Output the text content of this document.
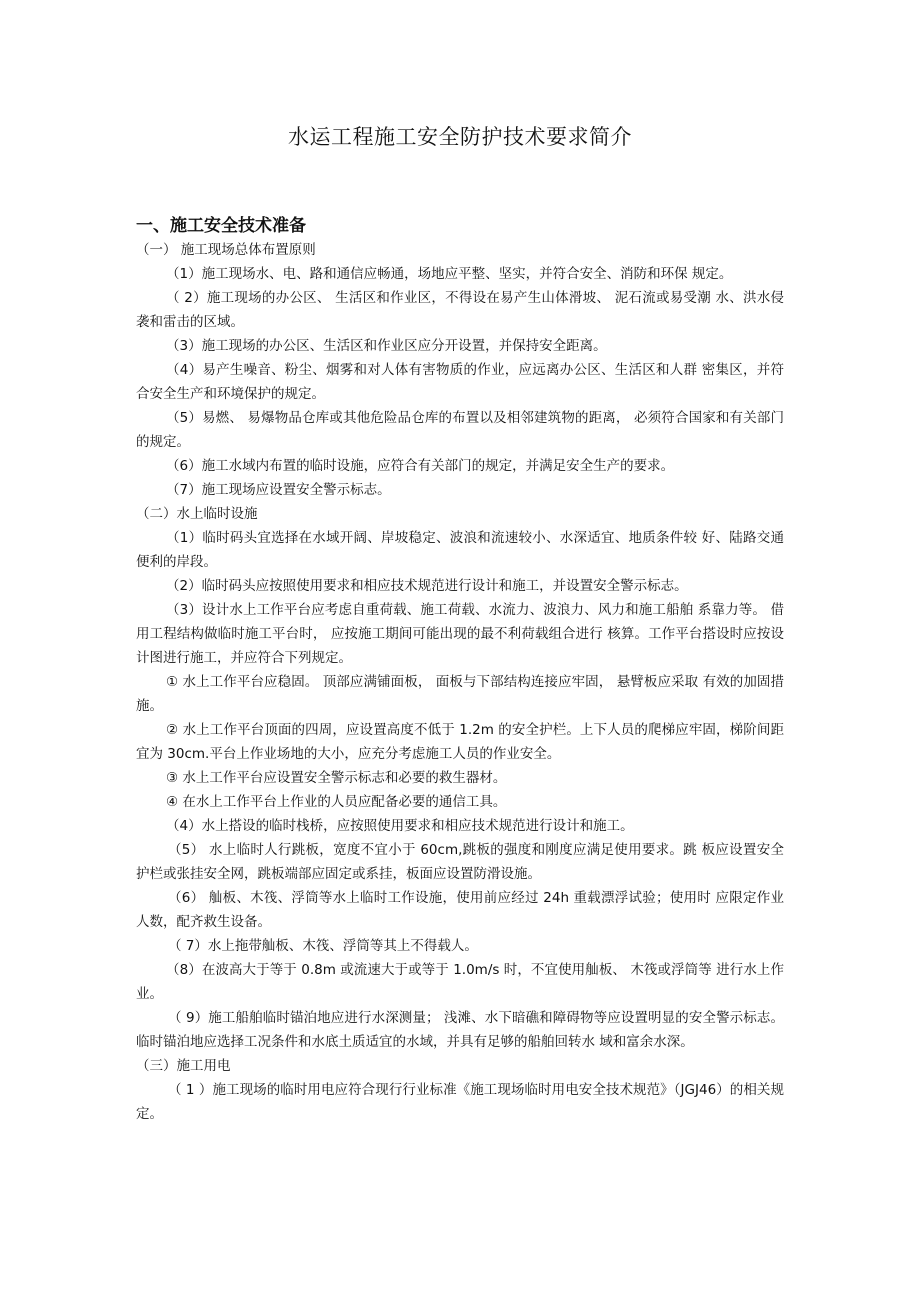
水运工程施工安全防护技术要求简介
一、施工安全技术准备

（一） 施工现场总体布置原则

（1）施工现场水、电、路和通信应畅通，场地应平整、坚实，并符合安全、消防和环保 规定。

（ 2）施工现场的办公区、 生活区和作业区，不得设在易产生山体滑坡、 泥石流或易受潮 水、洪水侵袭和雷击的区域。

（3）施工现场的办公区、生活区和作业区应分开设置，并保持安全距离。

（4）易产生噪音、粉尘、烟雾和对人体有害物质的作业，应远离办公区、生活区和人群 密集区，并符合安全生产和环境保护的规定。

（5）易燃、 易爆物品仓库或其他危险品仓库的布置以及相邻建筑物的距离， 必须符合国家和有关部门的规定。

（6）施工水域内布置的临时设施，应符合有关部门的规定，并满足安全生产的要求。

（7）施工现场应设置安全警示标志。

（二）水上临时设施

（1）临时码头宜选择在水域开阔、岸坡稳定、波浪和流速较小、水深适宜、地质条件较 好、陆路交通便利的岸段。

（2）临时码头应按照使用要求和相应技术规范进行设计和施工，并设置安全警示标志。

（3）设计水上工作平台应考虑自重荷载、施工荷载、水流力、波浪力、风力和施工船舶 系靠力等。 借用工程结构做临时施工平台时， 应按施工期间可能出现的最不利荷载组合进行 核算。工作平台搭设时应按设计图进行施工，并应符合下列规定。

① 水上工作平台应稳固。 顶部应满铺面板， 面板与下部结构连接应牢固， 悬臂板应采取 有效的加固措施。

② 水上工作平台顶面的四周，应设置高度不低于 1.2m 的安全护栏。上下人员的爬梯应牢固，梯阶间距宜为 30cm.平台上作业场地的大小，应充分考虑施工人员的作业安全。

③ 水上工作平台应设置安全警示标志和必要的救生器材。

④ 在水上工作平台上作业的人员应配备必要的通信工具。

（4）水上搭设的临时栈桥，应按照使用要求和相应技术规范进行设计和施工。

（5） 水上临时人行跳板，宽度不宜小于 60cm,跳板的强度和刚度应满足使用要求。跳 板应设置安全护栏或张挂安全网，跳板端部应固定或系挂，板面应设置防滑设施。

（6） 舢板、木筏、浮筒等水上临时工作设施，使用前应经过 24h 重载漂浮试验；使用时 应限定作业人数，配齐救生设备。

（ 7）水上拖带舢板、木筏、浮筒等其上不得载人。

（8）在波高大于等于 0.8m 或流速大于或等于 1.0m/s 时，不宜使用舢板、 木筏或浮筒等 进行水上作业。

（ 9）施工船舶临时锚泊地应进行水深测量； 浅滩、水下暗礁和障碍物等应设置明显的安全警示标志。 临时锚泊地应选择工况条件和水底土质适宜的水域，并具有足够的船舶回转水 域和富余水深。

（三）施工用电

（ 1 ）施工现场的临时用电应符合现行行业标准《施工现场临时用电安全技术规范》（JGJ46）的相关规定。
